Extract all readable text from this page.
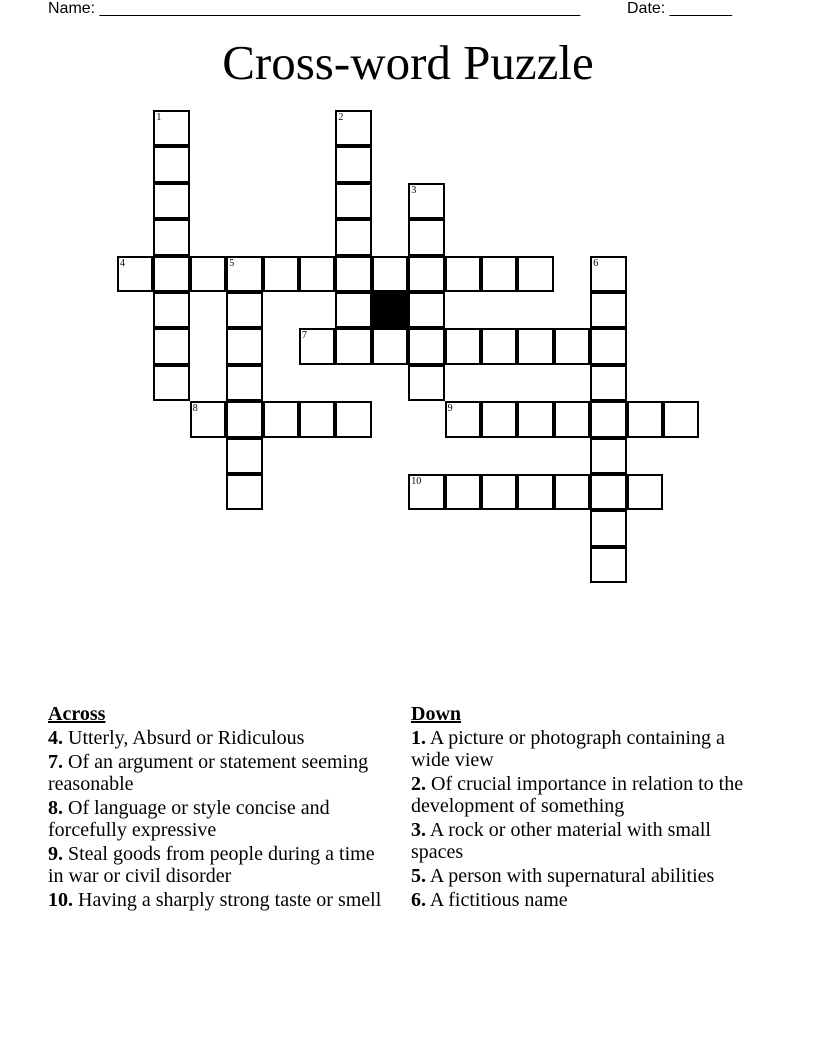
Name: ______________________________________________________	Date: _______
Cross-word Puzzle
1	2
3
4	5	6
7
8	9
10
Across
4. Utterly, Absurd or Ridiculous
7. Of an argument or statement seeming reasonable
8. Of language or style concise and forcefully expressive
9. Steal goods from people during a time in war or civil disorder
10. Having a sharply strong taste or smell
Down
1. A picture or photograph containing a wide view
2. Of crucial importance in relation to the development of something
3. A rock or other material with small spaces
5. A person with supernatural abilities
6. A fictitious name
